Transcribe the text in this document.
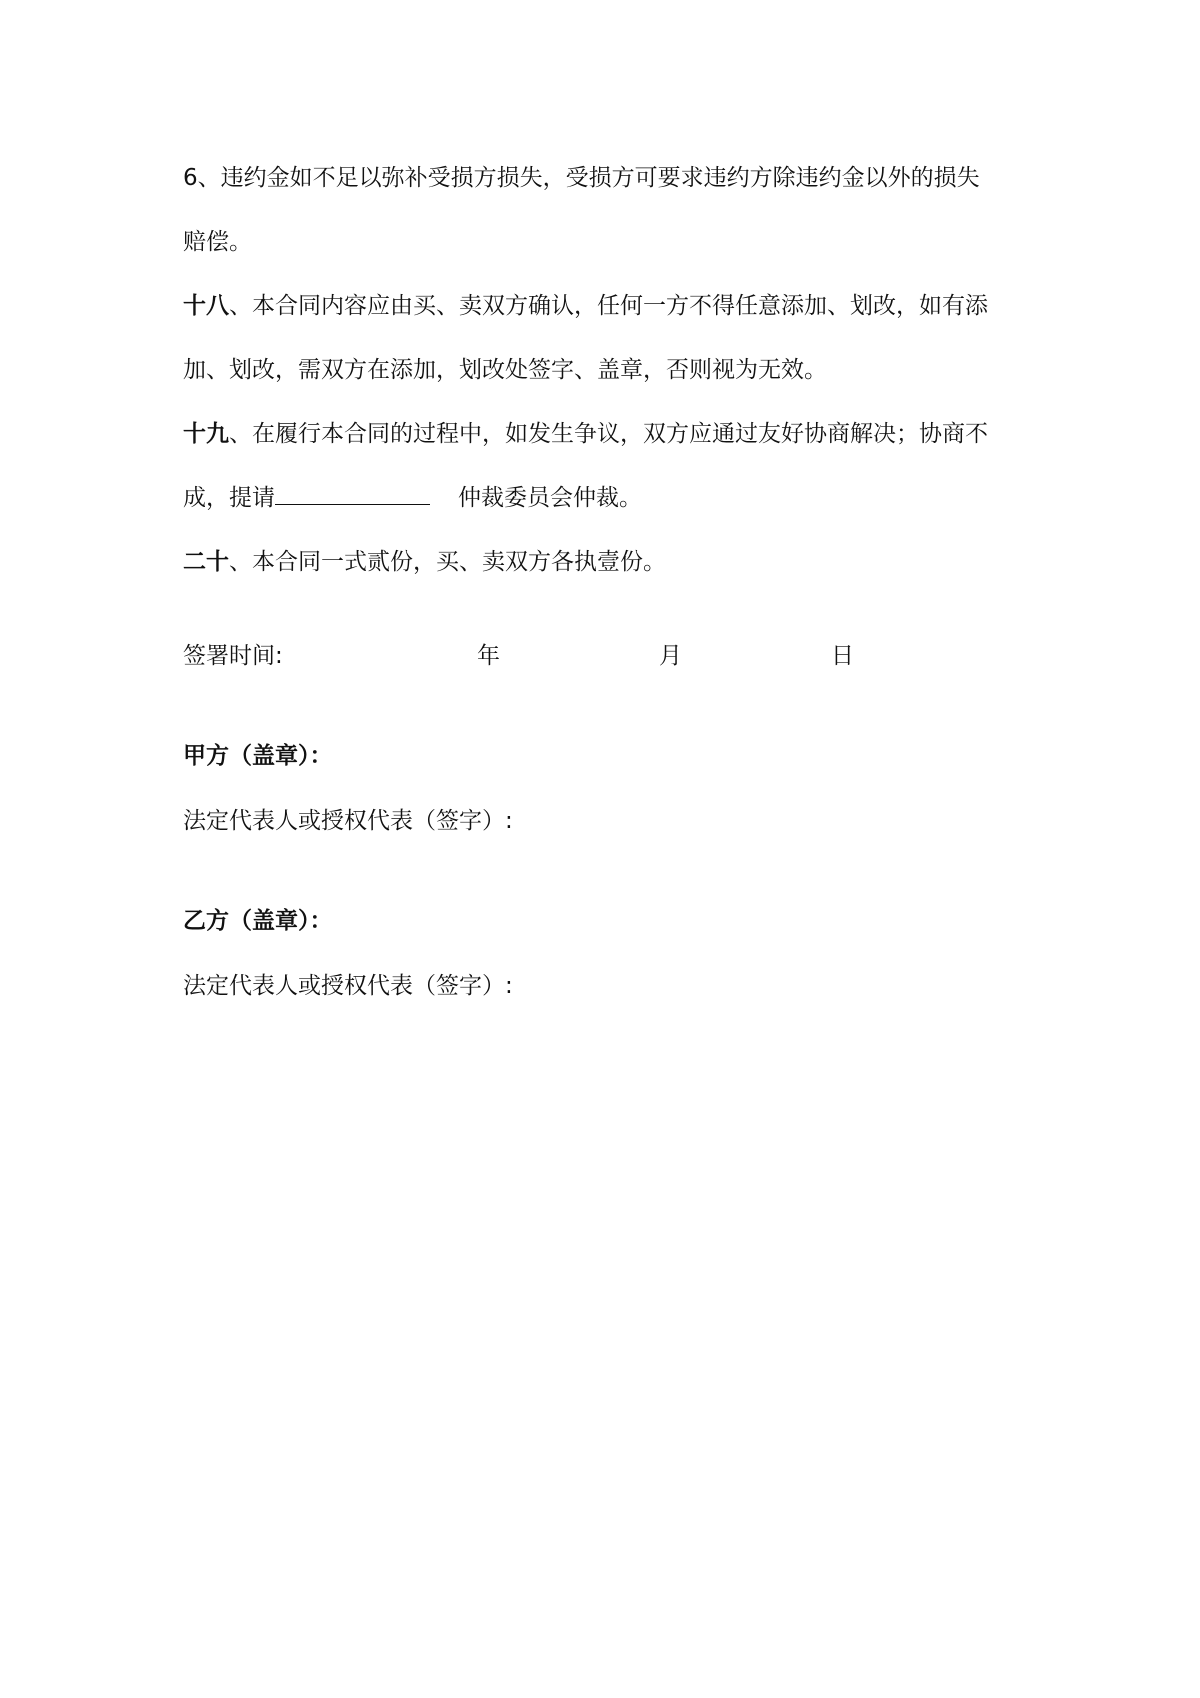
6、违约金如不足以弥补受损方损失，受损方可要求违约方除违约金以外的损失
赔偿。

十八、本合同内容应由买、卖双方确认，任何一方不得任意添加、划改，如有添
加、划改，需双方在添加，划改处签字、盖章，否则视为无效。

十九、在履行本合同的过程中，如发生争议，双方应通过友好协商解决；协商不
成，提请	仲裁委员会仲裁。

二十、本合同一式贰份，买、卖双方各执壹份。

签署时间:	年	月	日
甲方（盖章）：
法定代表人或授权代表（签字）:
乙方（盖章）：
法定代表人或授权代表（签字）:
